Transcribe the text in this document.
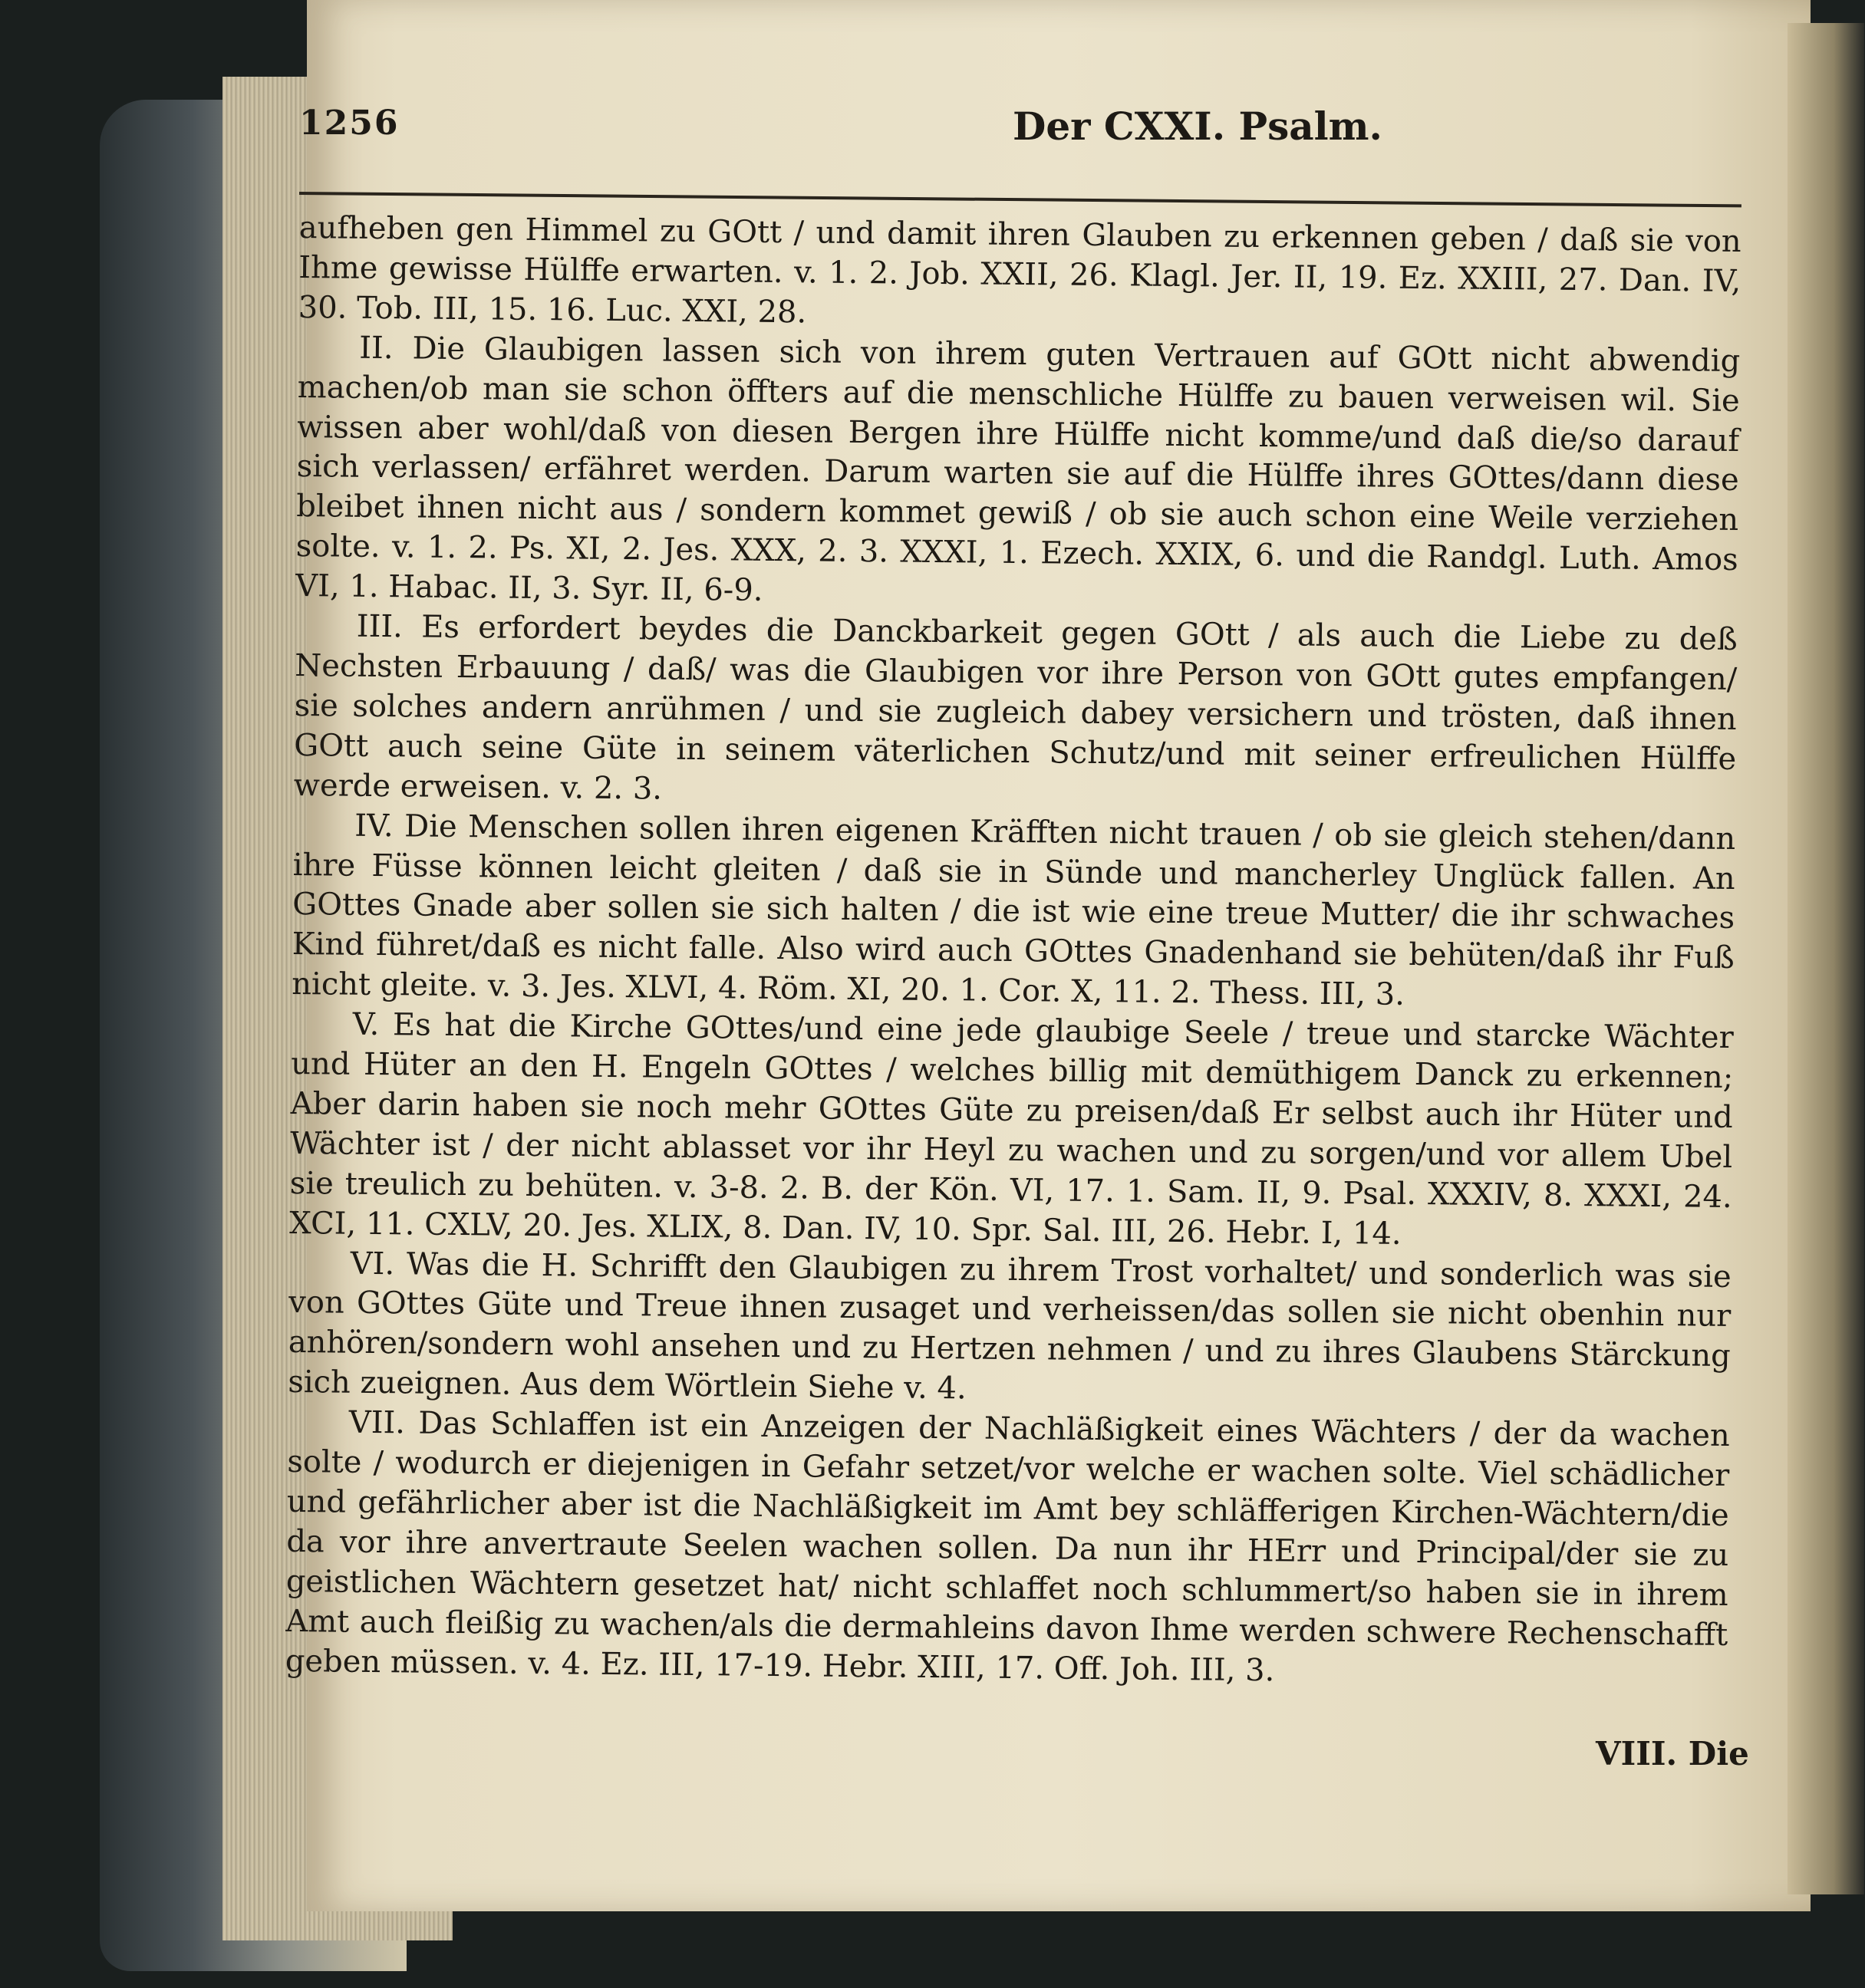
1256	Der CXXI. Psalm.

aufheben gen Himmel zu GOtt / und damit ihren Glauben zu erkennen geben / daß sie von Ihme gewisse Hülffe erwarten. v. 1. 2. Job. XXII, 26. Klagl. Jer. II, 19. Ez. XXIII, 27. Dan. IV, 30. Tob. III, 15. 16. Luc. XXI, 28.

II. Die Glaubigen lassen sich von ihrem guten Vertrauen auf GOtt nicht abwendig machen/ob man sie schon öffters auf die menschliche Hülffe zu bauen verweisen wil. Sie wissen aber wohl/daß von diesen Bergen ihre Hülffe nicht komme/und daß die/so darauf sich verlassen/ erfähret werden. Darum warten sie auf die Hülffe ihres GOttes/dann diese bleibet ihnen nicht aus / sondern kommet gewiß / ob sie auch schon eine Weile verziehen solte. v. 1. 2. Ps. XI, 2. Jes. XXX, 2. 3. XXXI, 1. Ezech. XXIX, 6. und die Randgl. Luth. Amos VI, 1. Habac. II, 3. Syr. II, 6-9.

III. Es erfordert beydes die Danckbarkeit gegen GOtt / als auch die Liebe zu deß Nechsten Erbauung / daß/ was die Glaubigen vor ihre Person von GOtt gutes empfangen/ sie solches andern anrühmen / und sie zugleich dabey versichern und trösten, daß ihnen GOtt auch seine Güte in seinem väterlichen Schutz/und mit seiner erfreulichen Hülffe werde erweisen. v. 2. 3.

IV. Die Menschen sollen ihren eigenen Kräfften nicht trauen / ob sie gleich stehen/dann ihre Füsse können leicht gleiten / daß sie in Sünde und mancherley Unglück fallen. An GOttes Gnade aber sollen sie sich halten / die ist wie eine treue Mutter/ die ihr schwaches Kind führet/daß es nicht falle. Also wird auch GOttes Gnadenhand sie behüten/daß ihr Fuß nicht gleite. v. 3. Jes. XLVI, 4. Röm. XI, 20. 1. Cor. X, 11. 2. Thess. III, 3.

V. Es hat die Kirche GOttes/und eine jede glaubige Seele / treue und starcke Wächter und Hüter an den H. Engeln GOttes / welches billig mit demüthigem Danck zu erkennen; Aber darin haben sie noch mehr GOttes Güte zu preisen/daß Er selbst auch ihr Hüter und Wächter ist / der nicht ablasset vor ihr Heyl zu wachen und zu sorgen/und vor allem Ubel sie treulich zu behüten. v. 3-8. 2. B. der Kön. VI, 17. 1. Sam. II, 9. Psal. XXXIV, 8. XXXI, 24. XCI, 11. CXLV, 20. Jes. XLIX, 8. Dan. IV, 10. Spr. Sal. III, 26. Hebr. I, 14.

VI. Was die H. Schrifft den Glaubigen zu ihrem Trost vorhaltet/ und sonderlich was sie von GOttes Güte und Treue ihnen zusaget und verheissen/das sollen sie nicht obenhin nur anhören/sondern wohl ansehen und zu Hertzen nehmen / und zu ihres Glaubens Stärckung sich zueignen. Aus dem Wörtlein Siehe v. 4.

VII. Das Schlaffen ist ein Anzeigen der Nachläßigkeit eines Wächters / der da wachen solte / wodurch er diejenigen in Gefahr setzet/vor welche er wachen solte. Viel schädlicher und gefährlicher aber ist die Nachläßigkeit im Amt bey schläfferigen Kirchen-Wächtern/die da vor ihre anvertraute Seelen wachen sollen. Da nun ihr HErr und Principal/der sie zu geistlichen Wächtern gesetzet hat/ nicht schlaffet noch schlummert/so haben sie in ihrem Amt auch fleißig zu wachen/als die dermahleins davon Ihme werden schwere Rechenschafft geben müssen. v. 4. Ez. III, 17-19. Hebr. XIII, 17. Off. Joh. III, 3.

VIII. Die
